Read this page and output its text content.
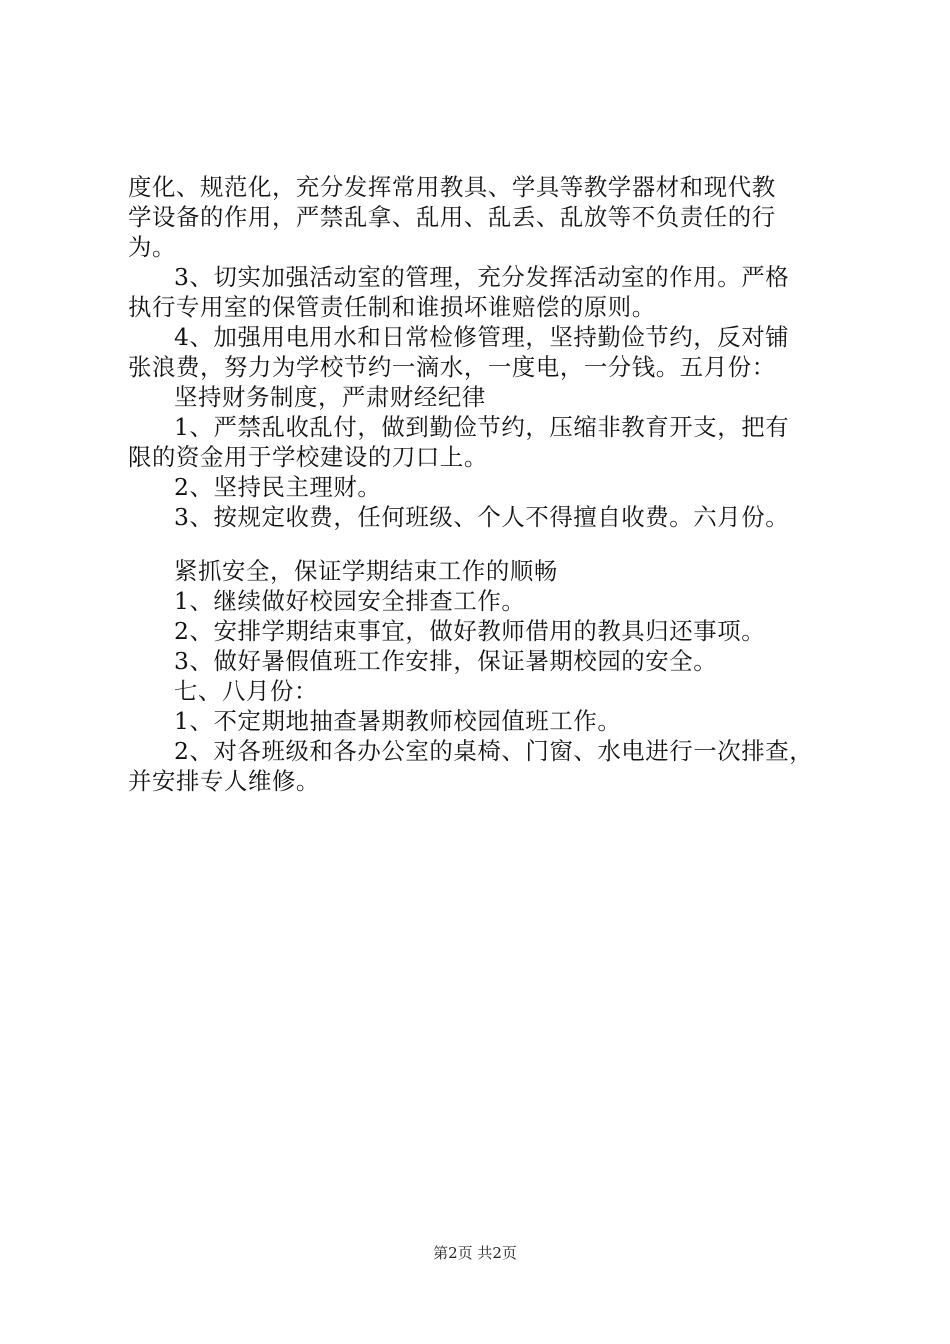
度化、规范化，充分发挥常用教具、学具等教学器材和现代教

学设备的作用，严禁乱拿、乱用、乱丢、乱放等不负责任的行

为。

3、切实加强活动室的管理，充分发挥活动室的作用。严格

执行专用室的保管责任制和谁损坏谁赔偿的原则。

4、加强用电用水和日常检修管理，坚持勤俭节约，反对铺

张浪费，努力为学校节约一滴水，一度电，一分钱。五月份：

坚持财务制度，严肃财经纪律

1、严禁乱收乱付，做到勤俭节约，压缩非教育开支，把有

限的资金用于学校建设的刀口上。

2、坚持民主理财。

3、按规定收费，任何班级、个人不得擅自收费。六月份。

紧抓安全，保证学期结束工作的顺畅

1、继续做好校园安全排查工作。

2、安排学期结束事宜，做好教师借用的教具归还事项。

3、做好暑假值班工作安排，保证暑期校园的安全。

七、八月份：

1、不定期地抽查暑期教师校园值班工作。

2、对各班级和各办公室的桌椅、门窗、水电进行一次排查，

并安排专人维修。

第2页 共2页
